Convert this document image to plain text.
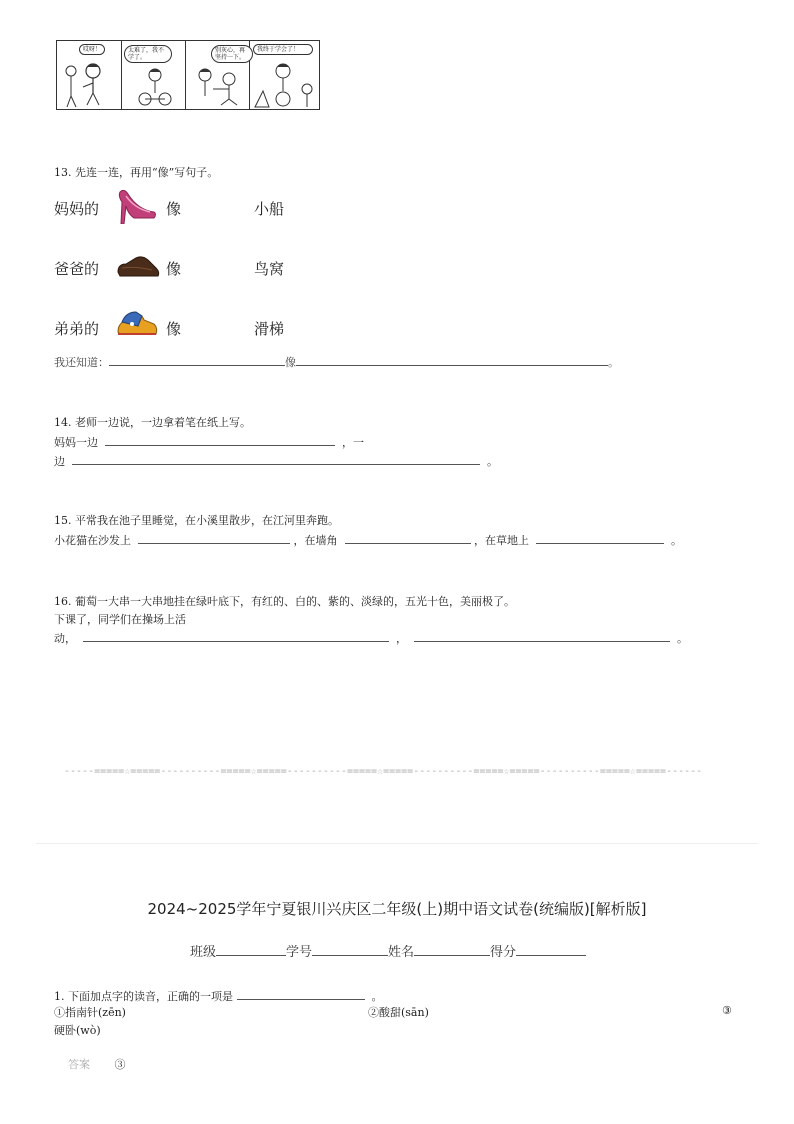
哎呀！	太难了，我不学了。
别灰心，再坚持一下。
我终于学会了！
13. 先连一连，再用“像”写句子。
妈妈的	像	小船
爸爸的	像	鸟窝
弟弟的	像	滑梯
我还知道：	像	。
14. 老师一边说，一边拿着笔在纸上写。
妈妈一边	，一
边	。
15. 平常我在池子里睡觉，在小溪里散步，在江河里奔跑。
小花猫在沙发上	，在墙角	，在草地上	。
16. 葡萄一大串一大串地挂在绿叶底下，有红的、白的、紫的、淡绿的，五光十色，美丽极了。
下课了，同学们在操场上活
动，	，	。
-----=====☆=====----------=====☆=====----------=====☆=====----------=====☆=====----------=====☆=====------
2024~2025学年宁夏银川兴庆区二年级(上)期中语文试卷(统编版)[解析版]
班级	学号	姓名	得分
1. 下面加点字的读音，正确的一项是	。
①指南针(zēn)	②酸甜(sān)	③
硬卧(wò)
答案 ③
